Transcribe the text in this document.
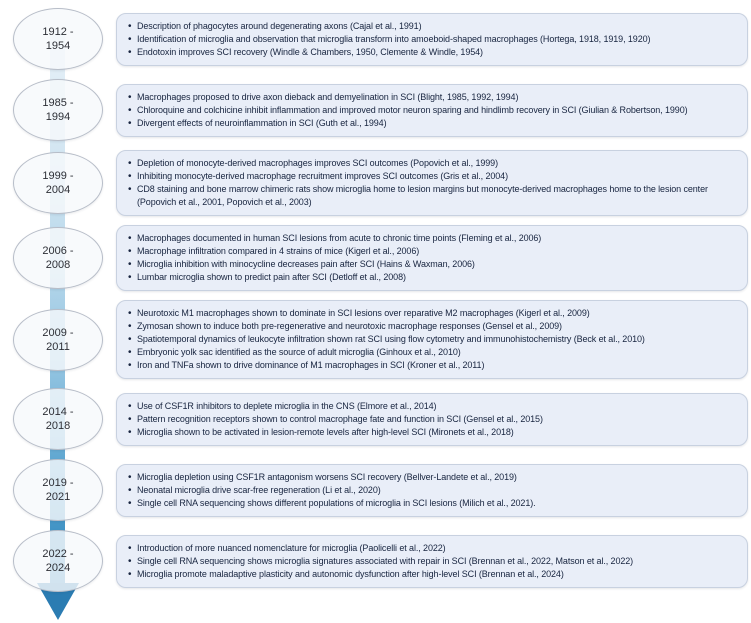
1912 -
1954
• Description of phagocytes around degenerating axons (Cajal et al., 1991)
• Identification of microglia and observation that microglia transform into amoeboid-shaped macrophages (Hortega, 1918, 1919, 1920)
• Endotoxin improves SCI recovery (Windle & Chambers, 1950, Clemente & Windle, 1954)
1985 -
1994
• Macrophages proposed to drive axon dieback and demyelination in SCI (Blight, 1985, 1992, 1994)
• Chloroquine and colchicine inhibit inflammation and improved motor neuron sparing and hindlimb recovery in SCI (Giulian & Robertson, 1990)
• Divergent effects of neuroinflammation in SCI (Guth et al., 1994)
1999 -
2004
• Depletion of monocyte-derived macrophages improves SCI outcomes (Popovich et al., 1999)
• Inhibiting monocyte-derived macrophage recruitment improves SCI outcomes (Gris et al., 2004)
• CD8 staining and bone marrow chimeric rats show microglia home to lesion margins but monocyte-derived macrophages home to the lesion center (Popovich et al., 2001, Popovich et al., 2003)
2006 -
2008
• Macrophages documented in human SCI lesions from acute to chronic time points (Fleming et al., 2006)
• Macrophage infiltration compared in 4 strains of mice (Kigerl et al., 2006)
• Microglia inhibition with minocycline decreases pain after SCI (Hains & Waxman, 2006)
• Lumbar microglia shown to predict pain after SCI (Detloff et al., 2008)
2009 -
2011
• Neurotoxic M1 macrophages shown to dominate in SCI lesions over reparative M2 macrophages (Kigerl et al., 2009)
• Zymosan shown to induce both pre-regenerative and neurotoxic macrophage responses (Gensel et al., 2009)
• Spatiotemporal dynamics of leukocyte infiltration shown rat SCI using flow cytometry and immunohistochemistry (Beck et al., 2010)
• Embryonic yolk sac identified as the source of adult microglia (Ginhoux et al., 2010)
• Iron and TNFa shown to drive dominance of M1 macrophages in SCI (Kroner et al., 2011)
2014 -
2018
• Use of CSF1R inhibitors to deplete microglia in the CNS (Elmore et al., 2014)
• Pattern recognition receptors shown to control macrophage fate and function in SCI (Gensel et al., 2015)
• Microglia shown to be activated in lesion-remote levels after high-level SCI (Mironets et al., 2018)
2019 -
2021
• Microglia depletion using CSF1R antagonism worsens SCI recovery (Bellver-Landete et al., 2019)
• Neonatal microglia drive scar-free regeneration (Li et al., 2020)
• Single cell RNA sequencing shows different populations of microglia in SCI lesions (Milich et al., 2021).
2022 -
2024
• Introduction of more nuanced nomenclature for microglia (Paolicelli et al., 2022)
• Single cell RNA sequencing shows microglia signatures associated with repair in SCI (Brennan et al., 2022, Matson et al., 2022)
• Microglia promote maladaptive plasticity and autonomic dysfunction after high-level SCI (Brennan et al., 2024)
